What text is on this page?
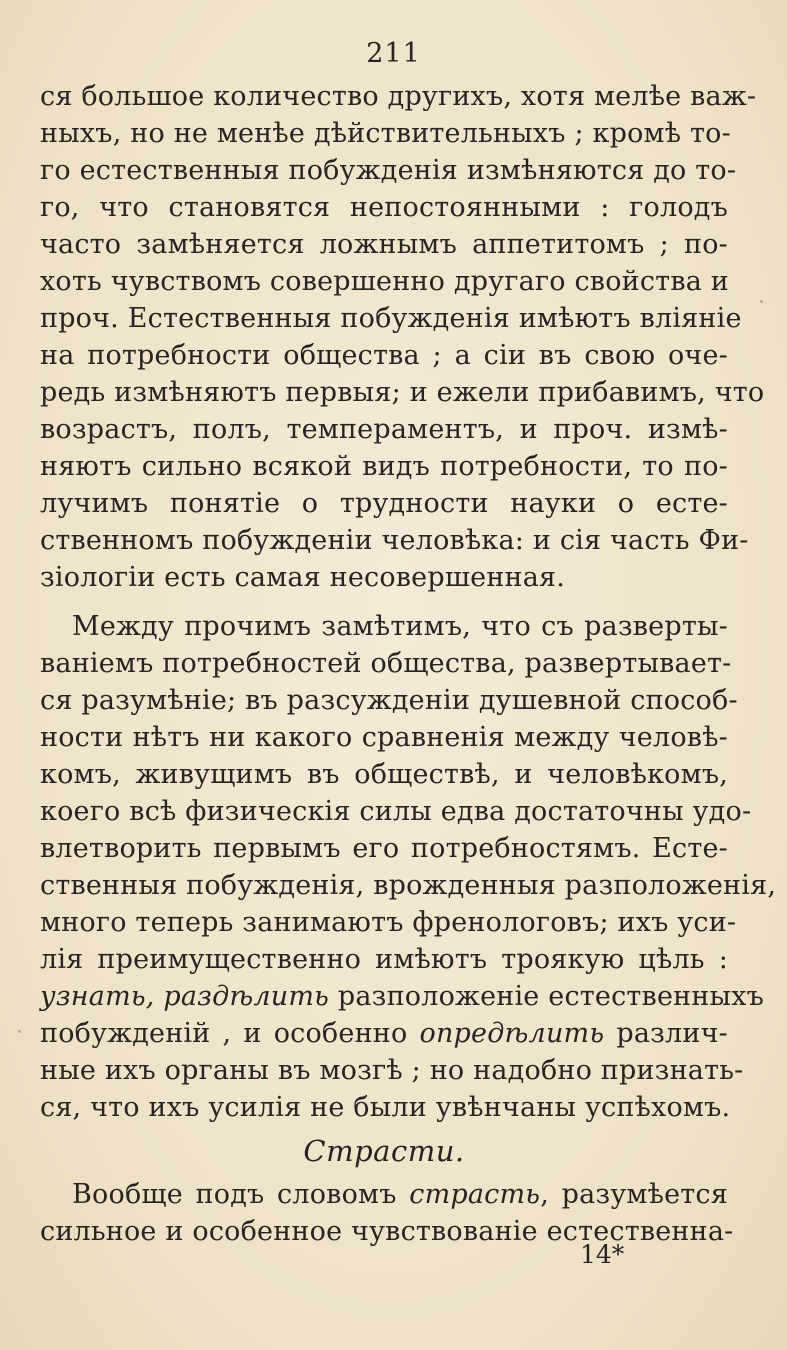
211
ся большое количество другихъ, хотя мелѣе важ-
ныхъ, но не менѣе дѣйствительныхъ ; кромѣ то-
го естественныя побужденія измѣняются до то-
го, что становятся непостоянными : голодъ
часто замѣняется ложнымъ аппетитомъ ; по-
хоть чувствомъ совершенно другаго свойства и
проч. Естественныя побужденія имѣютъ вліяніе
на потребности общества ; а сіи въ свою оче-
редь измѣняютъ первыя; и ежели прибавимъ, что
возрастъ, полъ, темпераментъ, и проч. измѣ-
няютъ сильно всякой видъ потребности, то по-
лучимъ понятіе о трудности науки о есте-
ственномъ побужденіи человѣка: и сія часть Фи-
зіологіи есть самая несовершенная.
Между прочимъ замѣтимъ, что съ разверты-
ваніемъ потребностей общества, развертывает-
ся разумѣніе; въ разсужденіи душевной способ-
ности нѣтъ ни какого сравненія между человѣ-
комъ, живущимъ въ обществѣ, и человѣкомъ,
коего всѣ физическія силы едва достаточны удо-
влетворить первымъ его потребностямъ. Есте-
ственныя побужденія, врожденныя разположенія,
много теперь занимаютъ френологовъ; ихъ уси-
лія преимущественно имѣютъ троякую цѣль :
узнать, раздѣлить разположеніе естественныхъ
побужденій , и особенно опредѣлить различ-
ные ихъ органы въ мозгѣ ; но надобно признать-
ся, что ихъ усилія не были увѣнчаны успѣхомъ.
Страсти.
Вообще подъ словомъ страсть, разумѣется
сильное и особенное чувствованіе естественна-
14*
